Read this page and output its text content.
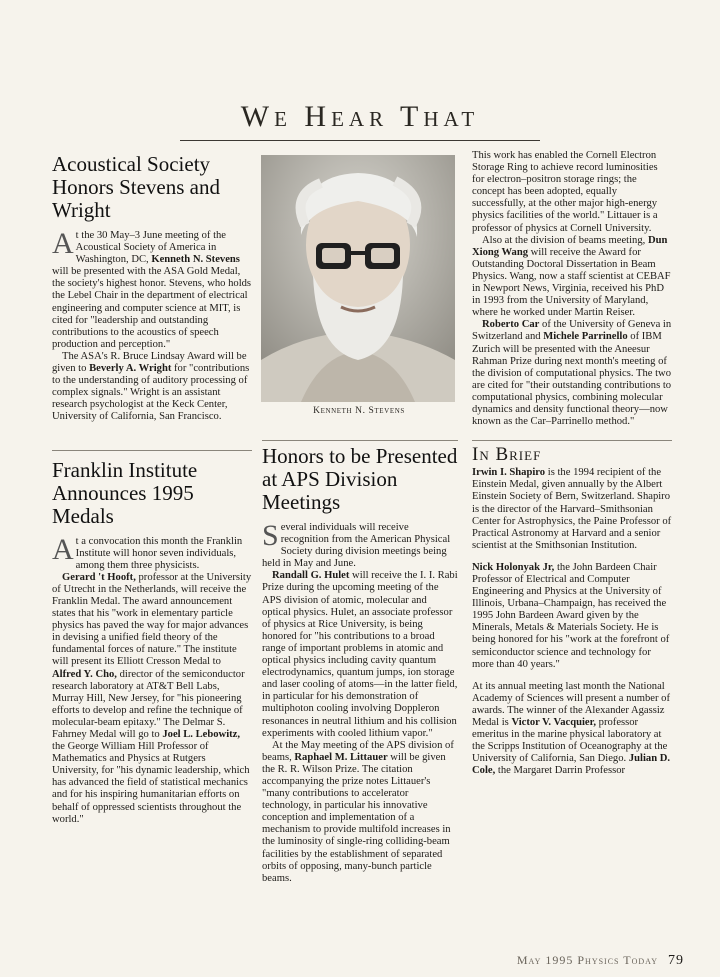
We Hear That
Acoustical Society Honors Stevens and Wright

At the 30 May–3 June meeting of the Acoustical Society of America in Washington, DC, Kenneth N. Stevens will be presented with the ASA Gold Medal, the society's highest honor. Stevens, who holds the Lebel Chair in the department of electrical engineering and computer science at MIT, is cited for "leadership and outstanding contributions to the acoustics of speech production and perception."

The ASA's R. Bruce Lindsay Award will be given to Beverly A. Wright for "contributions to the understanding of auditory processing of complex signals." Wright is an assistant research psychologist at the Keck Center, University of California, San Francisco.

Franklin Institute Announces 1995 Medals

At a convocation this month the Franklin Institute will honor seven individuals, among them three physicists.

Gerard 't Hooft, professor at the University of Utrecht in the Netherlands, will receive the Franklin Medal. The award announcement states that his "work in elementary particle physics has paved the way for major advances in devising a unified field theory of the fundamental forces of nature." The institute will present its Elliott Cresson Medal to Alfred Y. Cho, director of the semiconductor research laboratory at AT&T Bell Labs, Murray Hill, New Jersey, for "his pioneering efforts to develop and refine the technique of molecular-beam epitaxy." The Delmar S. Fahrney Medal will go to Joel L. Lebowitz, the George William Hill Professor of Mathematics and Physics at Rutgers University, for "his dynamic leadership, which has advanced the field of statistical mechanics and for his inspiring humanitarian efforts on behalf of oppressed scientists throughout the world."

Kenneth N. Stevens
Honors to be Presented at APS Division Meetings

Several individuals will receive recognition from the American Physical Society during division meetings being held in May and June.

Randall G. Hulet will receive the I. I. Rabi Prize during the upcoming meeting of the APS division of atomic, molecular and optical physics. Hulet, an associate professor of physics at Rice University, is being honored for "his contributions to a broad range of important problems in atomic and optical physics including cavity quantum electrodynamics, quantum jumps, ion storage and laser cooling of atoms—in the latter field, in particular for his demonstration of multiphoton cooling involving Doppleron resonances in neutral lithium and his collision experiments with cooled lithium vapor."

At the May meeting of the APS division of beams, Raphael M. Littauer will be given the R. R. Wilson Prize. The citation accompanying the prize notes Littauer's "many contributions to accelerator technology, in particular his innovative conception and implementation of a mechanism to provide multifold increases in the luminosity of single-ring colliding-beam facilities by the establishment of separated orbits of opposing, many-bunch particle beams.

This work has enabled the Cornell Electron Storage Ring to achieve record luminosities for electron–positron storage rings; the concept has been adopted, equally successfully, at the other major high-energy physics facilities of the world." Littauer is a professor of physics at Cornell University.

Also at the division of beams meeting, Dun Xiong Wang will receive the Award for Outstanding Doctoral Dissertation in Beam Physics. Wang, now a staff scientist at CEBAF in Newport News, Virginia, received his PhD in 1993 from the University of Maryland, where he worked under Martin Reiser.

Roberto Car of the University of Geneva in Switzerland and Michele Parrinello of IBM Zurich will be presented with the Aneesur Rahman Prize during next month's meeting of the division of computational physics. The two are cited for "their outstanding contributions to computational physics, combining molecular dynamics and density functional theory—now known as the Car–Parrinello method."

In Brief

Irwin I. Shapiro is the 1994 recipient of the Einstein Medal, given annually by the Albert Einstein Society of Bern, Switzerland. Shapiro is the director of the Harvard–Smithsonian Center for Astrophysics, the Paine Professor of Practical Astronomy at Harvard and a senior scientist at the Smithsonian Institution.

Nick Holonyak Jr, the John Bardeen Chair Professor of Electrical and Computer Engineering and Physics at the University of Illinois, Urbana–Champaign, has received the 1995 John Bardeen Award given by the Minerals, Metals & Materials Society. He is being honored for his "work at the forefront of semiconductor science and technology for more than 40 years."

At its annual meeting last month the National Academy of Sciences will present a number of awards. The winner of the Alexander Agassiz Medal is Victor V. Vacquier, professor emeritus in the marine physical laboratory at the Scripps Institution of Oceanography at the University of California, San Diego. Julian D. Cole, the Margaret Darrin Professor

May 1995 Physics Today 79
